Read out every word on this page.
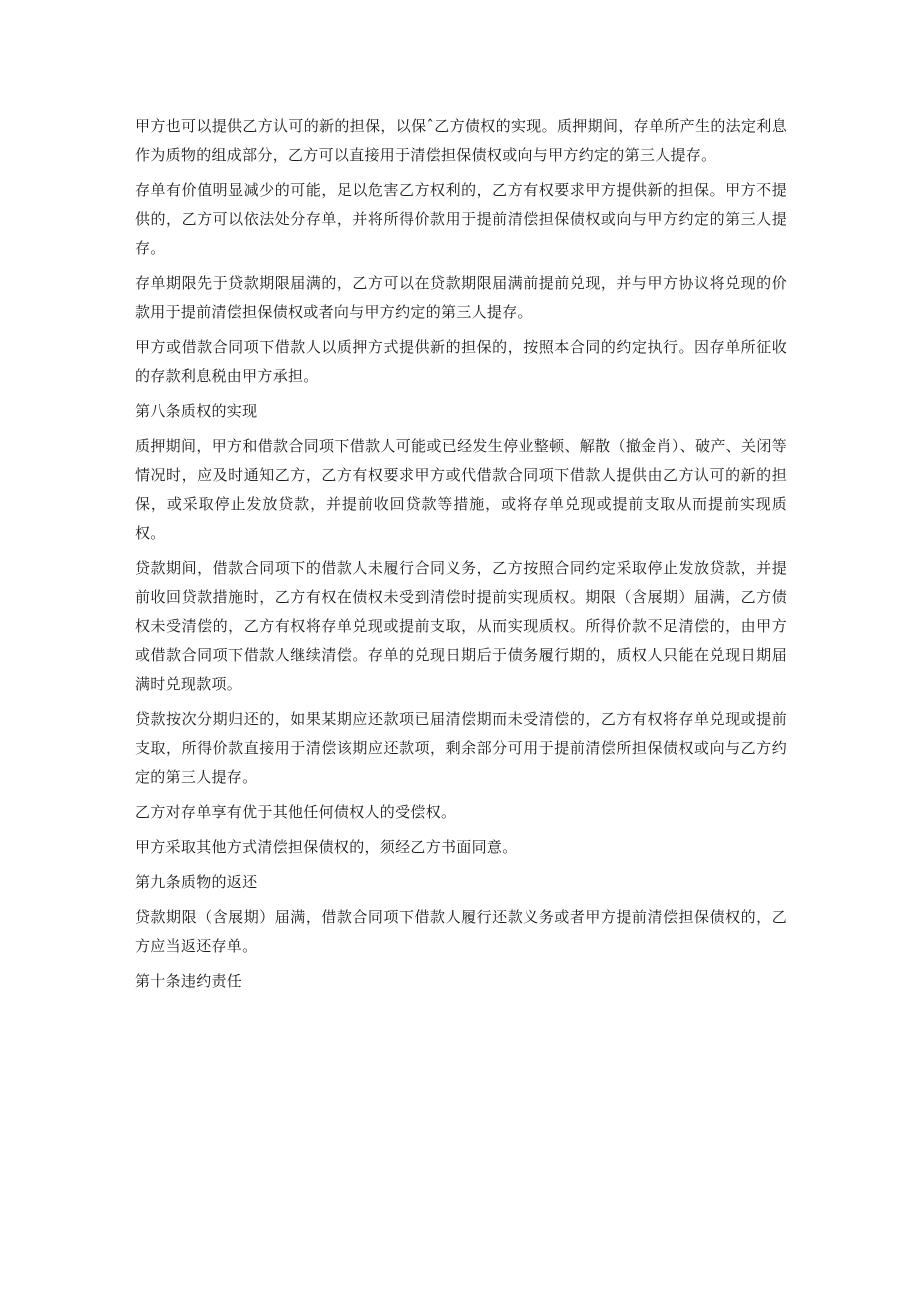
甲方也可以提供乙方认可的新的担保，以保ˆ乙方债权的实现。质押期间，存单所产生的法定利息作为质物的组成部分，乙方可以直接用于清偿担保债权或向与甲方约定的第三人提存。

存单有价值明显减少的可能，足以危害乙方权利的，乙方有权要求甲方提供新的担保。甲方不提供的，乙方可以依法处分存单，并将所得价款用于提前清偿担保债权或向与甲方约定的第三人提存。

存单期限先于贷款期限届满的，乙方可以在贷款期限届满前提前兑现，并与甲方协议将兑现的价款用于提前清偿担保债权或者向与甲方约定的第三人提存。

甲方或借款合同项下借款人以质押方式提供新的担保的，按照本合同的约定执行。因存单所征收的存款利息税由甲方承担。

第八条质权的实现

质押期间，甲方和借款合同项下借款人可能或已经发生停业整顿、解散（撤金肖）、破产、关闭等情况时，应及时通知乙方，乙方有权要求甲方或代借款合同项下借款人提供由乙方认可的新的担保，或采取停止发放贷款，并提前收回贷款等措施，或将存单兑现或提前支取从而提前实现质权。

贷款期间，借款合同项下的借款人未履行合同义务，乙方按照合同约定采取停止发放贷款，并提前收回贷款措施时，乙方有权在债权未受到清偿时提前实现质权。期限（含展期）届满，乙方债权未受清偿的，乙方有权将存单兑现或提前支取，从而实现质权。所得价款不足清偿的，由甲方或借款合同项下借款人继续清偿。存单的兑现日期后于债务履行期的，质权人只能在兑现日期届满时兑现款项。

贷款按次分期归还的，如果某期应还款项已届清偿期而未受清偿的，乙方有权将存单兑现或提前支取，所得价款直接用于清偿该期应还款项，剩余部分可用于提前清偿所担保债权或向与乙方约定的第三人提存。

乙方对存单享有优于其他任何债权人的受偿权。

甲方采取其他方式清偿担保债权的，须经乙方书面同意。

第九条质物的返还

贷款期限（含展期）届满，借款合同项下借款人履行还款义务或者甲方提前清偿担保债权的，乙方应当返还存单。

第十条违约责任
